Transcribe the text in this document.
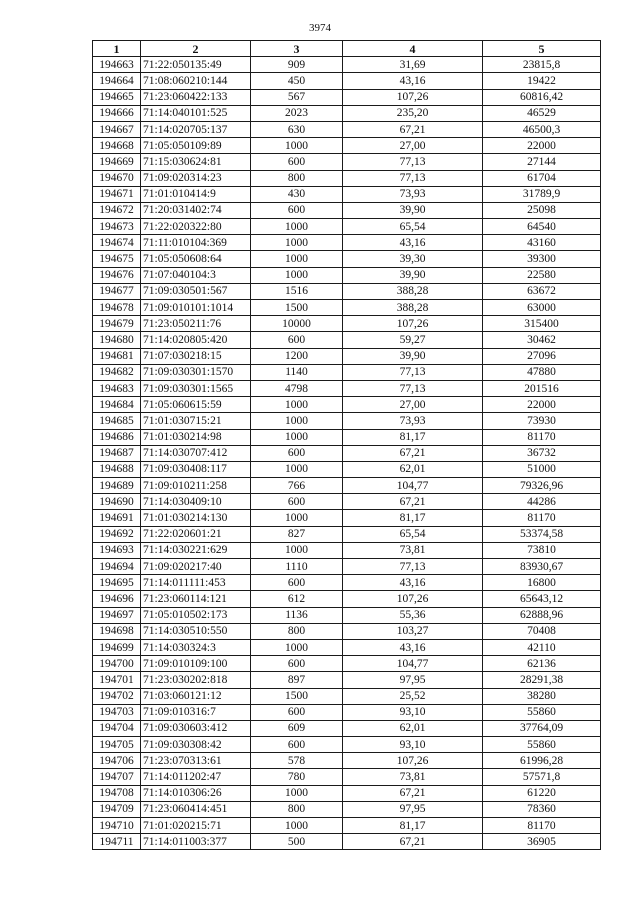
3974
1	2	3	4	5
194663	71:22:050135:49	909	31,69	23815,8
194664	71:08:060210:144	450	43,16	19422
194665	71:23:060422:133	567	107,26	60816,42
194666	71:14:040101:525	2023	235,20	46529
194667	71:14:020705:137	630	67,21	46500,3
194668	71:05:050109:89	1000	27,00	22000
194669	71:15:030624:81	600	77,13	27144
194670	71:09:020314:23	800	77,13	61704
194671	71:01:010414:9	430	73,93	31789,9
194672	71:20:031402:74	600	39,90	25098
194673	71:22:020322:80	1000	65,54	64540
194674	71:11:010104:369	1000	43,16	43160
194675	71:05:050608:64	1000	39,30	39300
194676	71:07:040104:3	1000	39,90	22580
194677	71:09:030501:567	1516	388,28	63672
194678	71:09:010101:1014	1500	388,28	63000
194679	71:23:050211:76	10000	107,26	315400
194680	71:14:020805:420	600	59,27	30462
194681	71:07:030218:15	1200	39,90	27096
194682	71:09:030301:1570	1140	77,13	47880
194683	71:09:030301:1565	4798	77,13	201516
194684	71:05:060615:59	1000	27,00	22000
194685	71:01:030715:21	1000	73,93	73930
194686	71:01:030214:98	1000	81,17	81170
194687	71:14:030707:412	600	67,21	36732
194688	71:09:030408:117	1000	62,01	51000
194689	71:09:010211:258	766	104,77	79326,96
194690	71:14:030409:10	600	67,21	44286
194691	71:01:030214:130	1000	81,17	81170
194692	71:22:020601:21	827	65,54	53374,58
194693	71:14:030221:629	1000	73,81	73810
194694	71:09:020217:40	1110	77,13	83930,67
194695	71:14:011111:453	600	43,16	16800
194696	71:23:060114:121	612	107,26	65643,12
194697	71:05:010502:173	1136	55,36	62888,96
194698	71:14:030510:550	800	103,27	70408
194699	71:14:030324:3	1000	43,16	42110
194700	71:09:010109:100	600	104,77	62136
194701	71:23:030202:818	897	97,95	28291,38
194702	71:03:060121:12	1500	25,52	38280
194703	71:09:010316:7	600	93,10	55860
194704	71:09:030603:412	609	62,01	37764,09
194705	71:09:030308:42	600	93,10	55860
194706	71:23:070313:61	578	107,26	61996,28
194707	71:14:011202:47	780	73,81	57571,8
194708	71:14:010306:26	1000	67,21	61220
194709	71:23:060414:451	800	97,95	78360
194710	71:01:020215:71	1000	81,17	81170
194711	71:14:011003:377	500	67,21	36905
